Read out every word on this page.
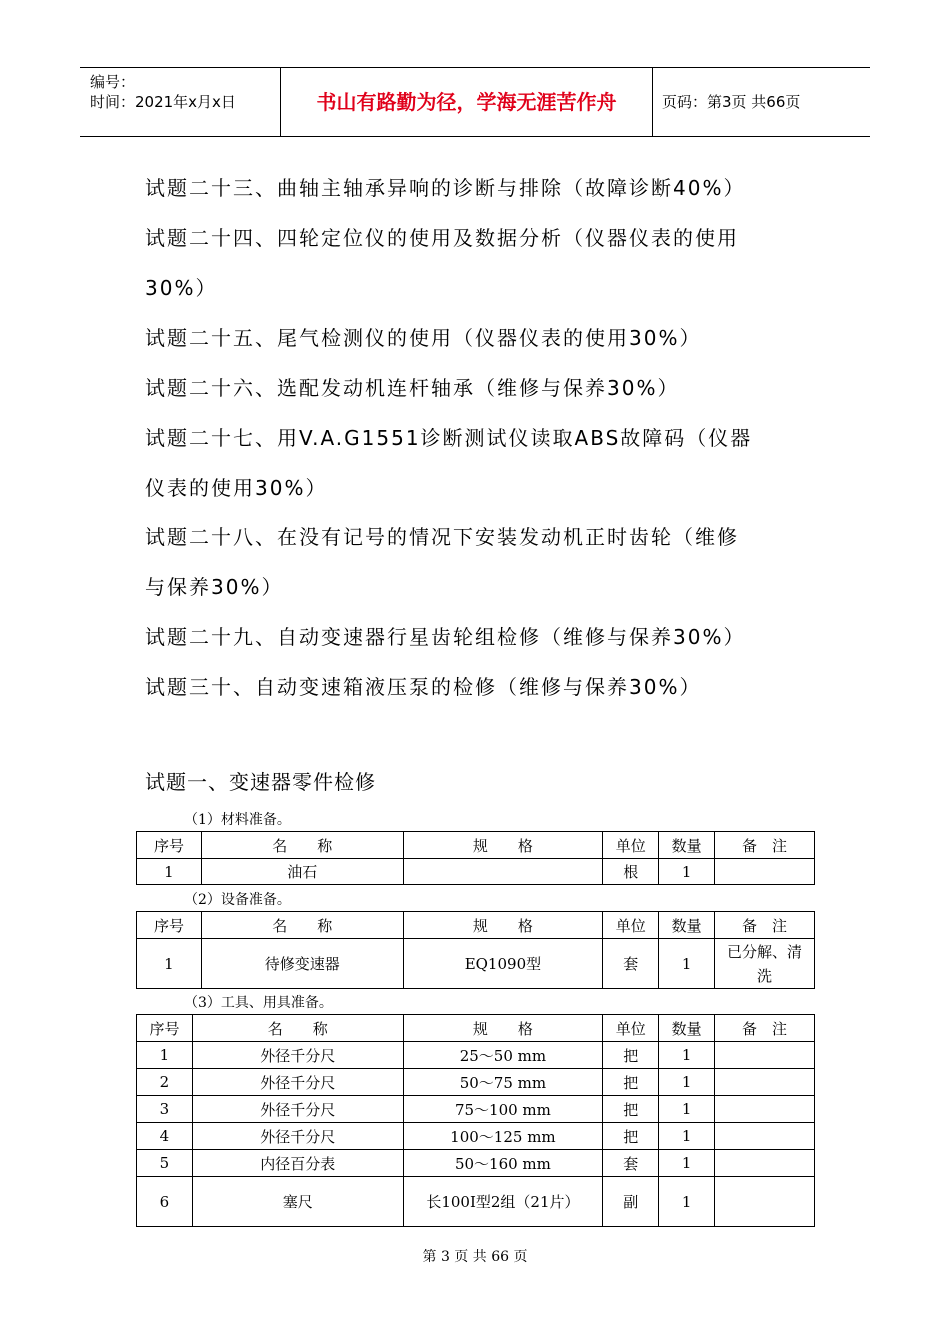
编号：
时间：2021年x月x日	书山有路勤为径，学海无涯苦作舟	页码：第3页 共66页
试题二十三、曲轴主轴承异响的诊断与排除（故障诊断40%）
试题二十四、四轮定位仪的使用及数据分析（仪器仪表的使用
30%）
试题二十五、尾气检测仪的使用（仪器仪表的使用30%）
试题二十六、选配发动机连杆轴承（维修与保养30%）
试题二十七、用V.A.G1551诊断测试仪读取ABS故障码（仪器
仪表的使用30%）
试题二十八、在没有记号的情况下安装发动机正时齿轮（维修
与保养30%）
试题二十九、自动变速器行星齿轮组检修（维修与保养30%）
试题三十、自动变速箱液压泵的检修（维修与保养30%）
试题一、变速器零件检修
（1）材料准备。
序号	名　　称	规　　格	单位	数量	备　注
1	油石		根	1	
（2）设备准备。
序号	名　　称	规　　格	单位	数量	备　注
1	待修变速器	EQ1090型	套	1	已分解、清洗
（3）工具、用具准备。
序号	名　　称	规　　格	单位	数量	备　注
1	外径千分尺	25～50 mm	把	1	
2	外径千分尺	50～75 mm	把	1	
3	外径千分尺	75～100 mm	把	1	
4	外径千分尺	100～125 mm	把	1	
5	内径百分表	50～160 mm	套	1	
6	塞尺	长100I型2组（21片）	副	1	
第 3 页 共 66 页
